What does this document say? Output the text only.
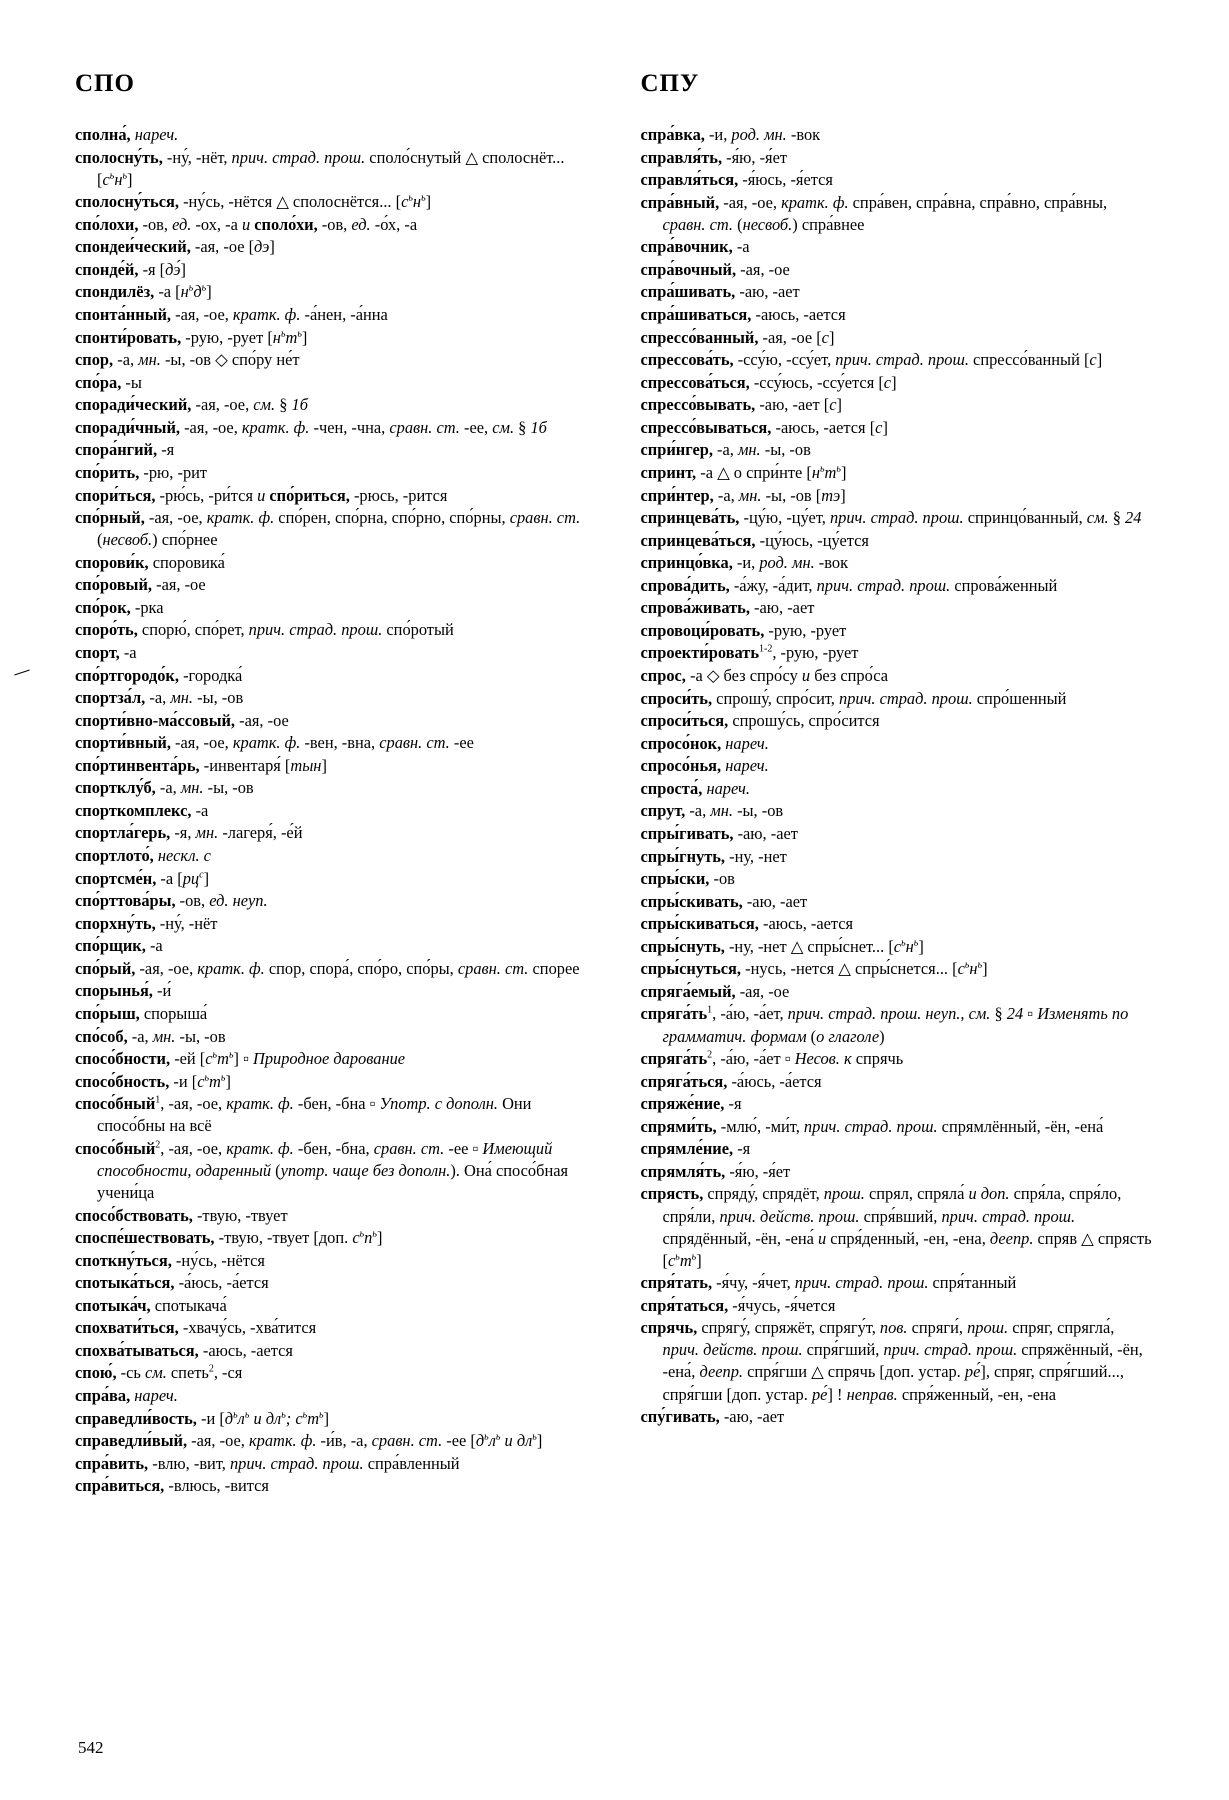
СПО
сполна́, нареч.
сполосну́ть, -ну́, -нёт, прич. страд. прош. споло́снутый △ сполоснёт... $[с^ьн^ь]$
сполосну́ться, -ну́сь, -нётся △ сполоснётся... $[с^ьн^ь]$
спо́лохи, -ов, ед. -ох, -а и споло́хи, -ов, ед. -о́х, -а
спондеи́ческий, -ая, -ое [дэ]
спонде́й, -я [дэ́]
спондилёз, -а $[н^ьд^ь]$
спонта́нный, -ая, -ое, кратк. ф. -а́нен, -а́нна
спонти́ровать, -рую, -рует $[н^ьт^ь]$
спор, -а, мн. -ы, -ов ◇ спо́ру не́т
спо́ра, -ы
споради́ческий, -ая, -ое, см. § 1б
споради́чный, -ая, -ое, кратк. ф. -чен, -чна, сравн. ст. -ее, см. § 1б
спора́нгий, -я
спо́рить, -рю, -рит
спори́ться, -рю́сь, -ри́тся и спо́риться, -рюсь, -рится
спо́рный, -ая, -ое, кратк. ф. спо́рен, спо́рна, спо́рно, спо́рны, сравн. ст. (несвоб.) спо́рнее
спорови́к, споровика́
спо́ровый, -ая, -ое
спо́рок, -рка
споро́ть, спорю́, спо́рет, прич. страд. прош. спо́ротый
спорт, -а
спо́ртгородо́к, -городка́
спортза́л, -а, мн. -ы, -ов
спорти́вно-ма́ссовый, -ая, -ое
спорти́вный, -ая, -ое, кратк. ф. -вен, -вна, сравн. ст. -ее
спо́ртинвента́рь, -инвентаря́ [тын]
спортклу́б, -а, мн. -ы, -ов
спорткомплекс, -а
спортла́герь, -я, мн. -лагеря́, -е́й
спортлото́, нескл. с
спортсме́н, -а $[рц^с]$
спо́рттова́ры, -ов, ед. неуп.
спорхну́ть, -ну́, -нёт
спо́рщик, -а
спо́рый, -ая, -ое, кратк. ф. спор, спора́, спо́ро, спо́ры, сравн. ст. спорее
спорынья́, -и́
спо́рыш, спорыша́
спо́соб, -а, мн. -ы, -ов
спосо́бности, -ей $[с^ьт^ь]$ ▫ Природное дарование
спосо́бность, -и $[с^ьт^ь]$
спосо́бный$^1$, -ая, -ое, кратк. ф. -бен, -бна ▫ Употр. с дополн. Они спосо́бны на всё
спосо́бный$^2$, -ая, -ое, кратк. ф. -бен, -бна, сравн. ст. -ее ▫ Имеющий способности, одаренный (употр. чаще без дополн.). Она́ спосо́бная учени́ца
спосо́бствовать, -твую, -твует
споспе́шествовать, -твую, -твует [доп. $с^ьп^ь$]
споткну́ться, -ну́сь, -нётся
спотыка́ться, -а́юсь, -а́ется
спотыка́ч, спотыкача́
спохвати́ться, -хвачу́сь, -хва́тится
спохва́тываться, -аюсь, -ается
спою́, -сь см. спеть$^2$, -ся
спра́ва, нареч.
справедли́вость, -и [$д^ьл^ь$ и $дл^ь$; $с^ьт^ь$]
справедли́вый, -ая, -ое, кратк. ф. -и́в, -а, сравн. ст. -ее [$д^ьл^ь$ и $дл^ь$]
спра́вить, -влю, -вит, прич. страд. прош. спра́вленный
спра́виться, -влюсь, -вится
СПУ
спра́вка, -и, род. мн. -вок
справля́ть, -я́ю, -я́ет
справля́ться, -я́юсь, -я́ется
спра́вный, -ая, -ое, кратк. ф. спра́вен, спра́вна, спра́вно, спра́вны, сравн. ст. (несвоб.) спра́внее
спра́вочник, -а
спра́вочный, -ая, -ое
спра́шивать, -аю, -ает
спра́шиваться, -аюсь, -ается
спрессо́ванный, -ая, -ое [с]
спрессова́ть, -ссу́ю, -ссу́ет, прич. страд. прош. спрессо́ванный [с]
спрессова́ться, -ссу́юсь, -ссу́ется [с]
спрессо́вывать, -аю, -ает [с]
спрессо́вываться, -аюсь, -ается [с]
спри́нгер, -а, мн. -ы, -ов
спринт, -а △ о спри́нте $[н^ьт^ь]$
спри́нтер, -а, мн. -ы, -ов [тэ]
спринцева́ть, -цу́ю, -цу́ет, прич. страд. прош. спринцо́ванный, см. § 24
спринцева́ться, -цу́юсь, -цу́ется
спринцо́вка, -и, род. мн. -вок
спрова́дить, -а́жу, -а́дит, прич. страд. прош. спрова́женный
спрова́живать, -аю, -ает
спровоци́ровать, -рую, -рует
спроекти́ровать$^{1-2}$, -рую, -рует
спрос, -а ◇ без спро́су и без спро́са
спроси́ть, спрошу́, спро́сит, прич. страд. прош. спро́шенный
спроси́ться, спрошу́сь, спро́сится
спросо́нок, нареч.
спросо́нья, нареч.
спроста́, нареч.
спрут, -а, мн. -ы, -ов
спры́гивать, -аю, -ает
спры́гнуть, -ну, -нет
спры́ски, -ов
спры́скивать, -аю, -ает
спры́скиваться, -аюсь, -ается
спры́снуть, -ну, -нет △ спры́снет... $[с^ьн^ь]$
спры́снуться, -нусь, -нется △ спры́снется... $[с^ьн^ь]$
спряга́емый, -ая, -ое
$спряга́ть^1$, -а́ю, -а́ет, прич. страд. прош. неуп., см. § 24 ▫ Изменять по грамматич. формам (о глаголе)
$спряга́ть^2$, -а́ю, -а́ет ▫ Несов. к спрячь
спряга́ться, -а́юсь, -а́ется
спряже́ние, -я
спрями́ть, -млю́, -ми́т, прич. страд. прош. спрямлённый, -ён, -ена́
спрямле́ние, -я
спрямля́ть, -я́ю, -я́ет
спрясть, спряду́, спрядёт, прош. спрял, спряла́ и доп. спря́ла, спря́ло, спря́ли, прич. действ. прош. спря́вший, прич. страд. прош. спрядённый, -ён, -ена́ и спря́денный, -ен, -ена, деепр. спряв △ спрясть $[с^ьт^ь]$
спря́тать, -я́чу, -я́чет, прич. страд. прош. спря́танный
спря́таться, -я́чусь, -я́чется
спрячь, спрягу́, спряжёт, спрягу́т, пов. спряги́, прош. спряг, спрягла́, прич. действ. прош. спря́гший, прич. страд. прош. спряжённый, -ён, -ена́, деепр. спря́гши △ спрячь [доп. устар. ре́], спряг, спря́гший..., спря́гши [доп. устар. ре́] ! неправ. спря́женный, -ен, -ена
спу́гивать, -аю, -ает
542
